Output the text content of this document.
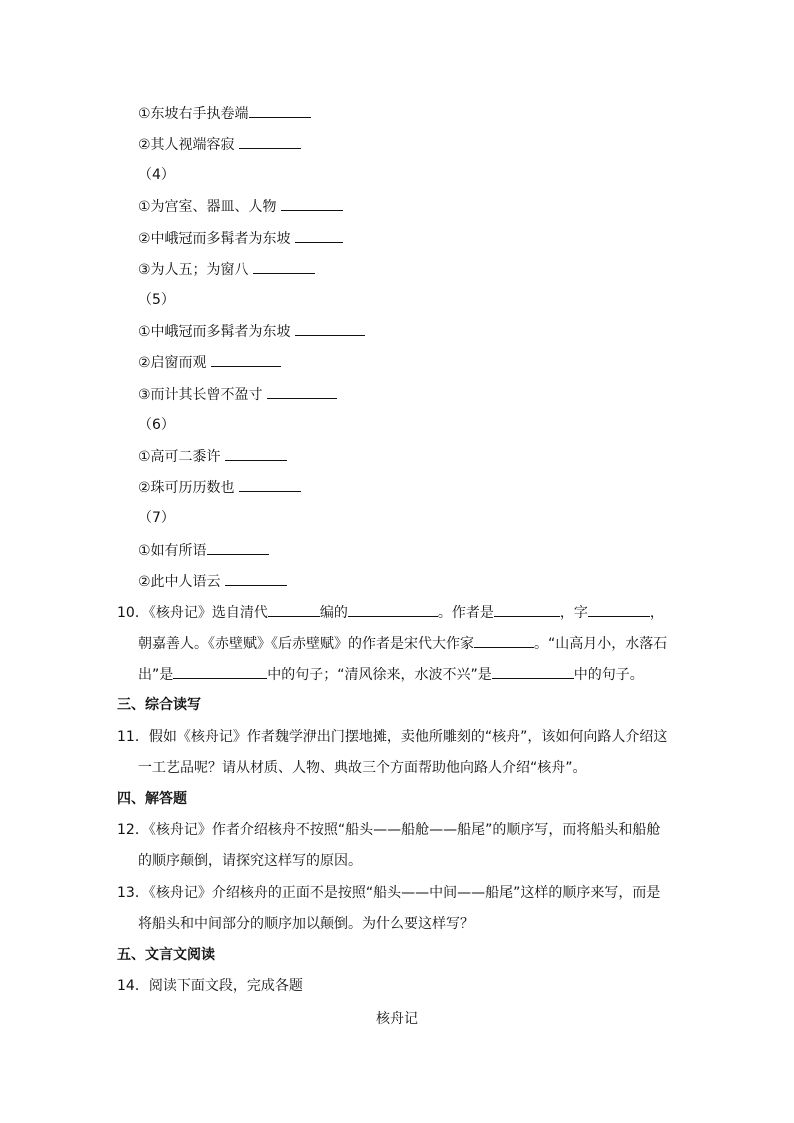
①东坡右手执卷端
②其人视端容寂
（4）
①为宫室、器皿、人物
②中峨冠而多髯者为东坡
③为人五；为窗八
（5）
①中峨冠而多髯者为东坡
②启窗而观
③而计其长曾不盈寸
（6）
①高可二黍许
②珠可历历数也
（7）
①如有所语
②此中人语云
10．《核舟记》选自清代	编的	。作者是	，字	，
朝嘉善人。《赤壁赋》《后赤壁赋》的作者是宋代大作家	。“山高月小，水落石
出”是	中的句子；“清风徐来，水波不兴”是	中的句子。
三、综合读写
11．假如《核舟记》作者魏学洢出门摆地摊，卖他所雕刻的“核舟”，该如何向路人介绍这
一工艺品呢？请从材质、人物、典故三个方面帮助他向路人介绍“核舟”。
四、解答题
12．《核舟记》作者介绍核舟不按照“船头——船舱——船尾”的顺序写，而将船头和船舱
的顺序颠倒，请探究这样写的原因。
13．《核舟记》介绍核舟的正面不是按照“船头——中间——船尾”这样的顺序来写，而是
将船头和中间部分的顺序加以颠倒。为什么要这样写？
五、文言文阅读
14．阅读下面文段，完成各题
核舟记
